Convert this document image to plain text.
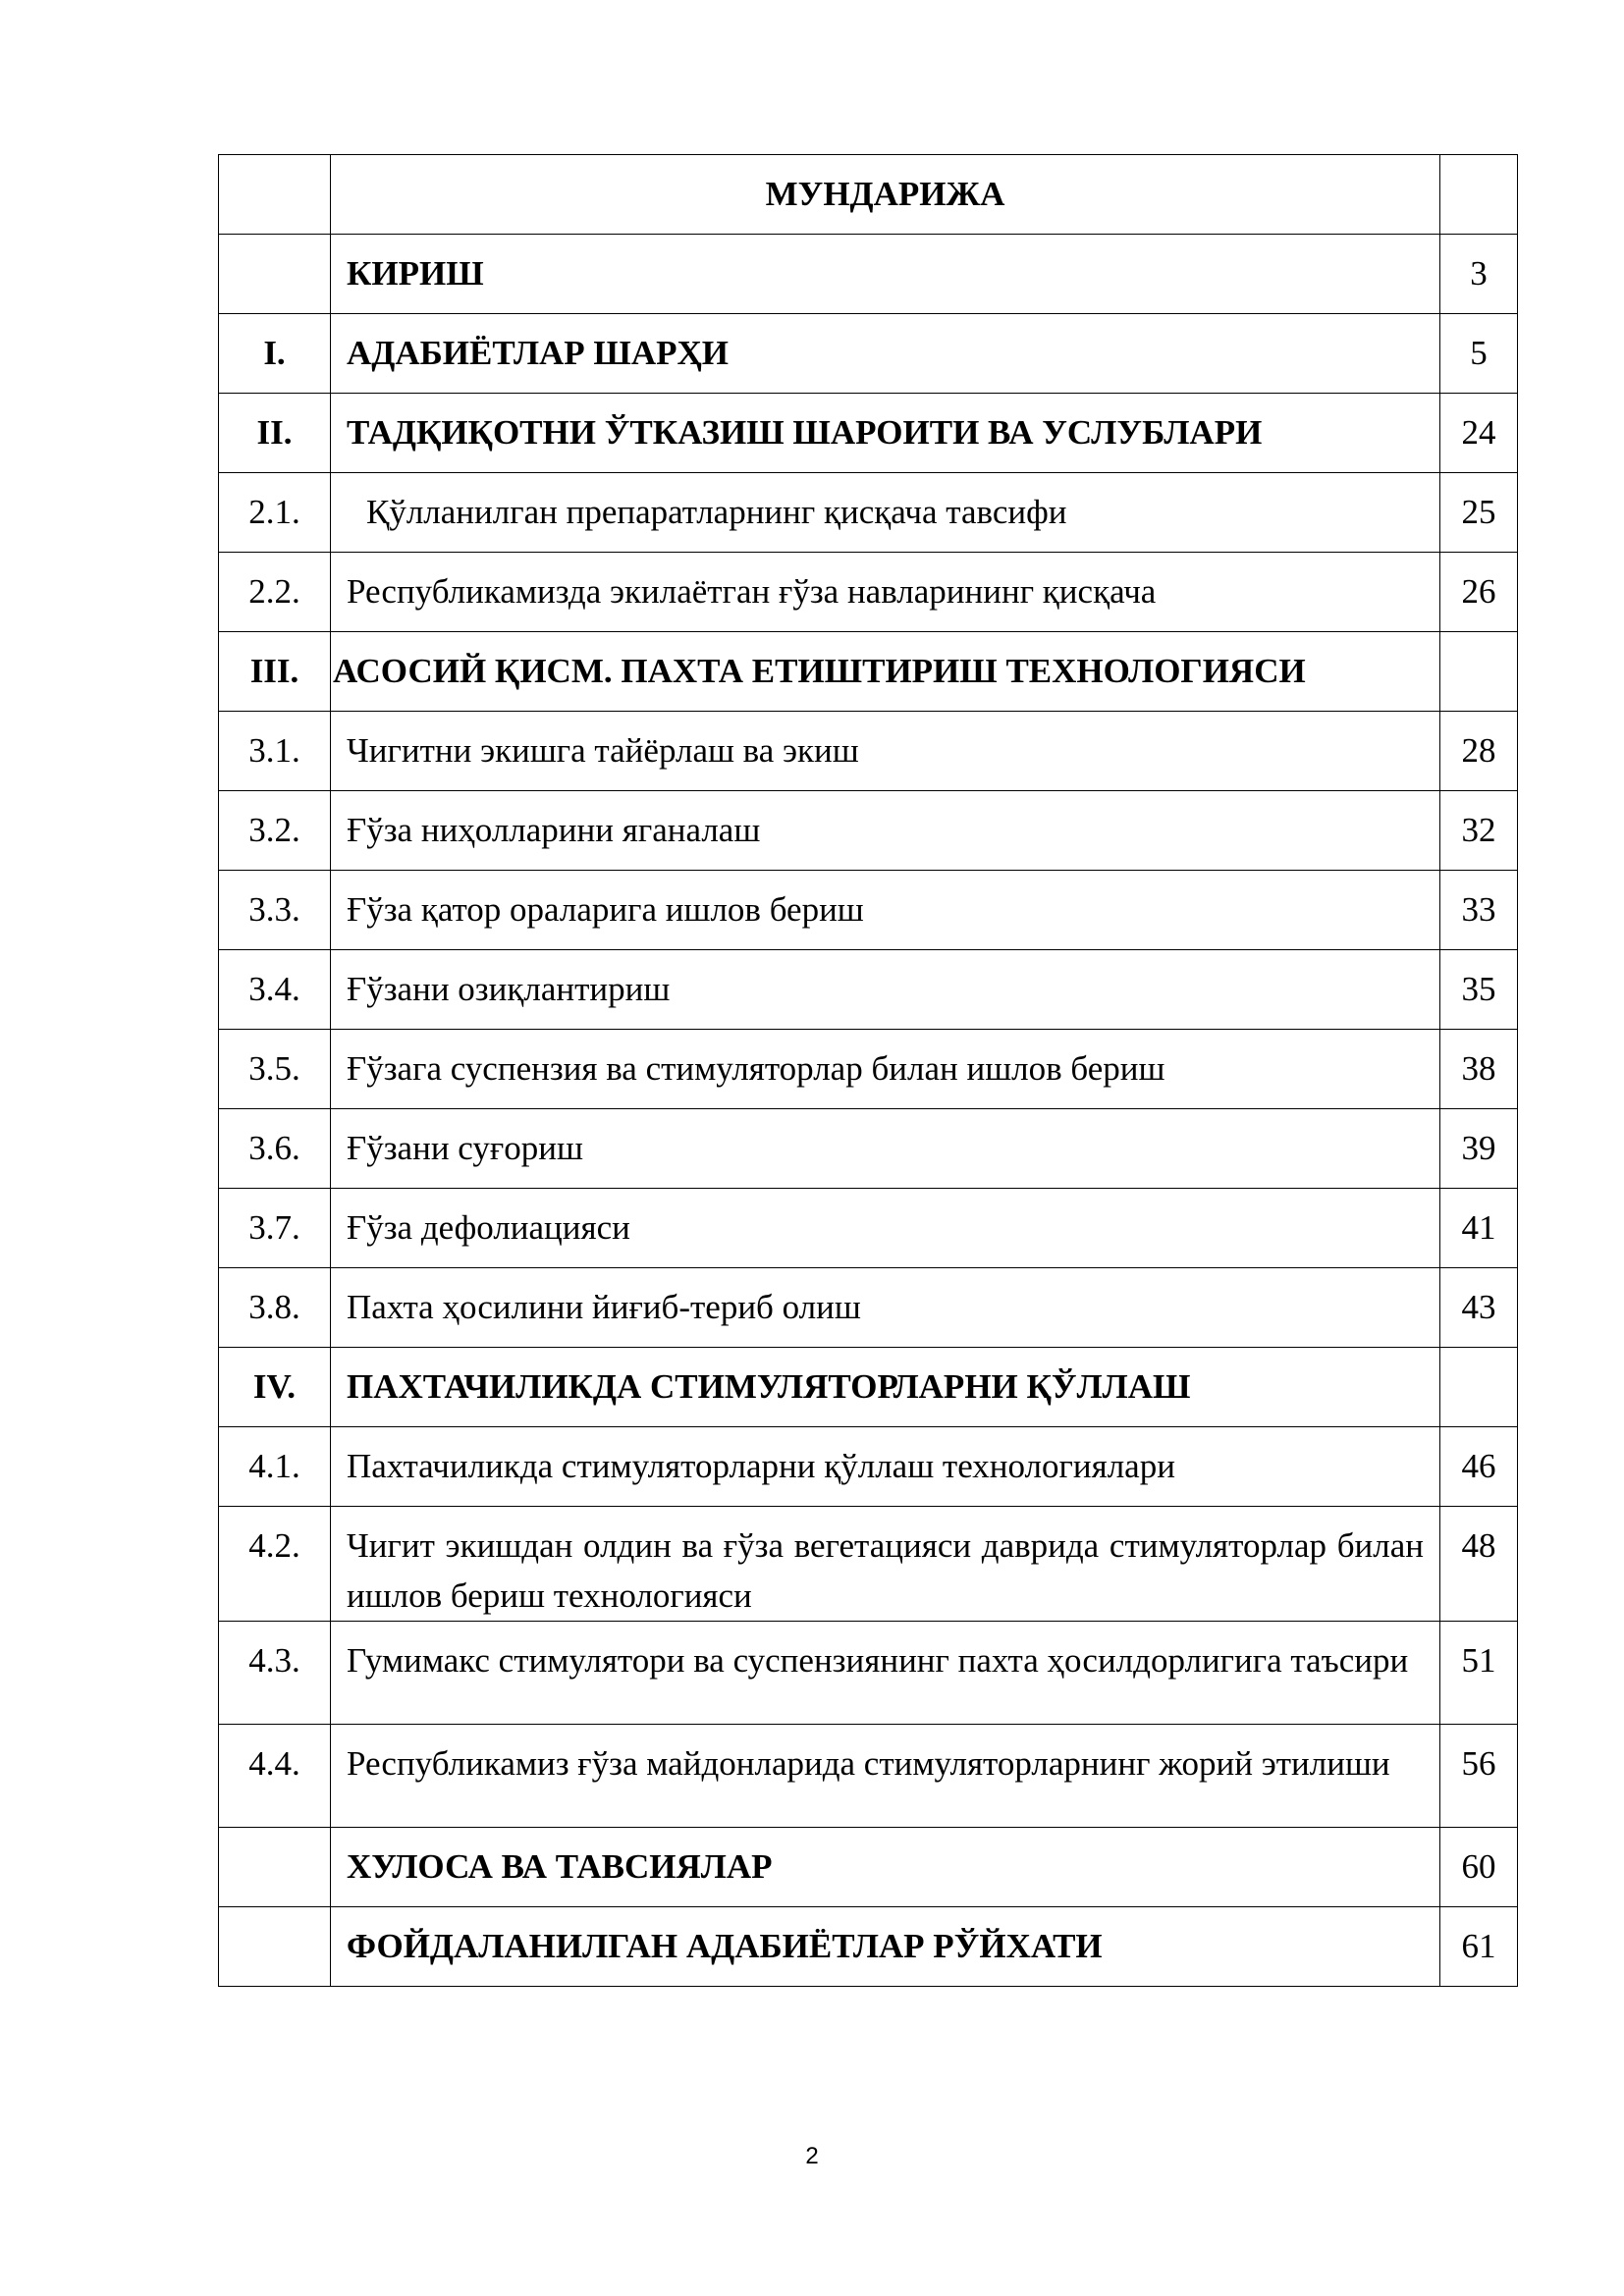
	МУНДАРИЖА	
	КИРИШ	3
I.	АДАБИЁТЛАР ШАРҲИ	5
II.	ТАДҚИҚОТНИ ЎТКАЗИШ ШАРОИТИ ВА УСЛУБЛАРИ	24
2.1.	Қўлланилган препаратларнинг қисқача тавсифи	25
2.2.	Республикамизда экилаётган ғўза навларининг қисқача	26
III.	АСОСИЙ ҚИСМ. ПАХТА ЕТИШТИРИШ ТЕХНОЛОГИЯСИ	
3.1.	Чигитни экишга тайёрлаш ва экиш	28
3.2.	Ғўза ниҳолларини яганалаш	32
3.3.	Ғўза қатор ораларига ишлов бериш	33
3.4.	Ғўзани озиқлантириш	35
3.5.	Ғўзага суспензия ва стимуляторлар билан ишлов бериш	38
3.6.	Ғўзани суғориш	39
3.7.	Ғўза дефолиацияси	41
3.8.	Пахта ҳосилини йиғиб-териб олиш	43
IV.	ПАХТАЧИЛИКДА СТИМУЛЯТОРЛАРНИ ҚЎЛЛАШ	
4.1.	Пахтачиликда стимуляторларни қўллаш технологиялари	46
4.2.	Чигит экишдан олдин ва ғўза вегетацияси даврида стимуляторлар билан ишлов бериш технологияси	48
4.3.	Гумимакс стимулятори ва суспензиянинг пахта ҳосилдорлигига таъсири	51
4.4.	Республикамиз ғўза майдонларида стимуляторларнинг жорий этилиши	56
	ХУЛОСА ВА ТАВСИЯЛАР	60
	ФОЙДАЛАНИЛГАН АДАБИЁТЛАР РЎЙХАТИ	61
2
